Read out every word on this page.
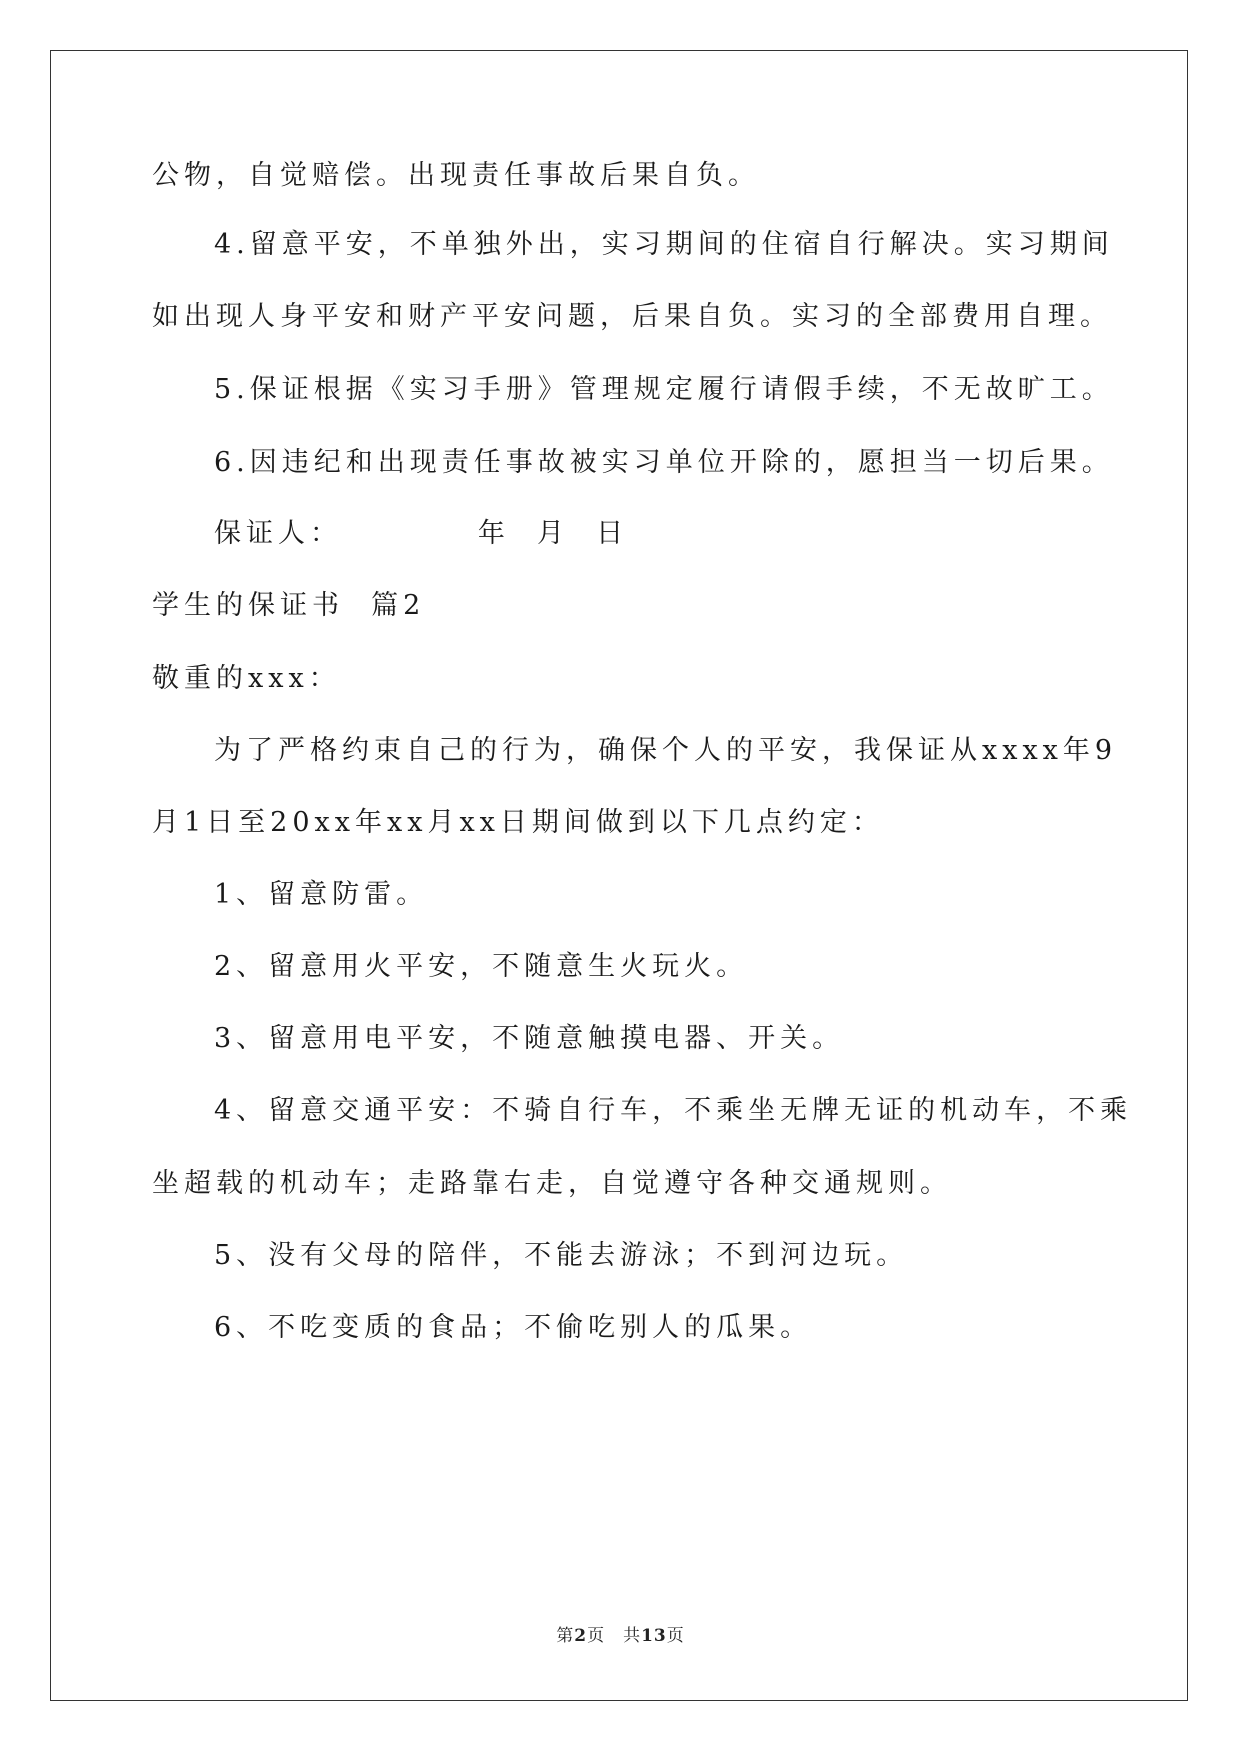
公物，自觉赔偿。出现责任事故后果自负。
4.留意平安，不单独外出，实习期间的住宿自行解决。实习期间
如出现人身平安和财产平安问题，后果自负。实习的全部费用自理。
5.保证根据《实习手册》管理规定履行请假手续，不无故旷工。
6.因违纪和出现责任事故被实习单位开除的，愿担当一切后果。
保证人：          年  月  日
学生的保证书  篇2
敬重的xxx：
为了严格约束自己的行为，确保个人的平安，我保证从xxxx年9
月1日至20xx年xx月xx日期间做到以下几点约定：
1、留意防雷。
2、留意用火平安，不随意生火玩火。
3、留意用电平安，不随意触摸电器、开关。
4、留意交通平安：不骑自行车，不乘坐无牌无证的机动车，不乘
坐超载的机动车；走路靠右走，自觉遵守各种交通规则。
5、没有父母的陪伴，不能去游泳；不到河边玩。
6、不吃变质的食品；不偷吃别人的瓜果。
第2页 共13页
